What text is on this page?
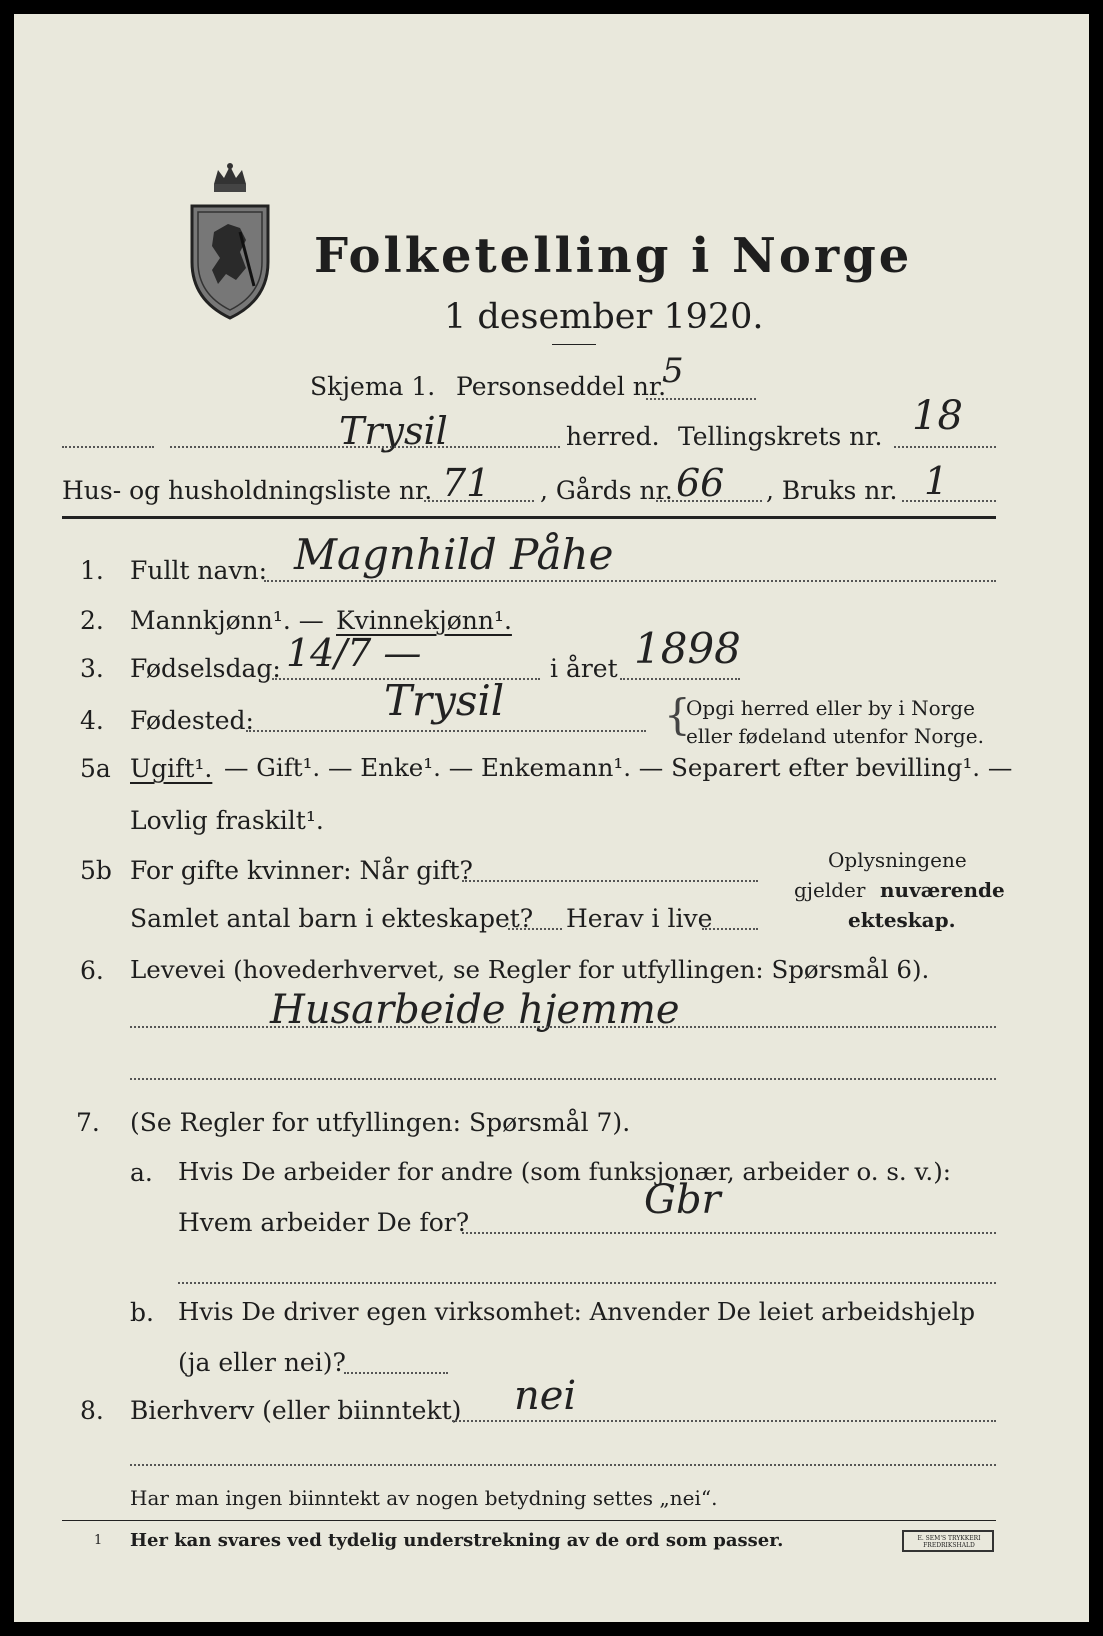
Folketelling i Norge
1 desember 1920.
Skjema 1. Personseddel nr.
5
Trysil	herred. Tellingskrets nr. 18
Hus- og husholdningsliste nr. 71 , Gårds nr. 66 , Bruks nr. 1
1. Fullt navn: Magnhild Påhe
2. Mannkjønn¹. — Kvinnekjønn¹.
3. Fødselsdag: 14/7 —	i året 1898
4. Fødested:	Trysil	{
Opgi herred eller by i Norge
eller fødeland utenfor Norge.
5a Ugift¹. — Gift¹. — Enke¹. — Enkemann¹. — Separert efter bevilling¹. —
Lovlig fraskilt¹.
5b For gifte kvinner: Når gift?
Samlet antal barn i ekteskapet? Herav i live
Oplysningene
gjelder nuværende
ekteskap.
6. Levevei (hovederhvervet, se Regler for utfyllingen: Spørsmål 6).
Husarbeide hjemme
7. (Se Regler for utfyllingen: Spørsmål 7).
a. Hvis De arbeider for andre (som funksjonær, arbeider o. s. v.):
Hvem arbeider De for?	Gbr
b. Hvis De driver egen virksomhet: Anvender De leiet arbeidshjelp
(ja eller nei)?
8. Bierhverv (eller biinntekt) nei
Har man ingen biinntekt av nogen betydning settes „nei“.
1 Her kan svares ved tydelig understrekning av de ord som passer.	E. SEM'S TRYKKERI FREDRIKSHALD
